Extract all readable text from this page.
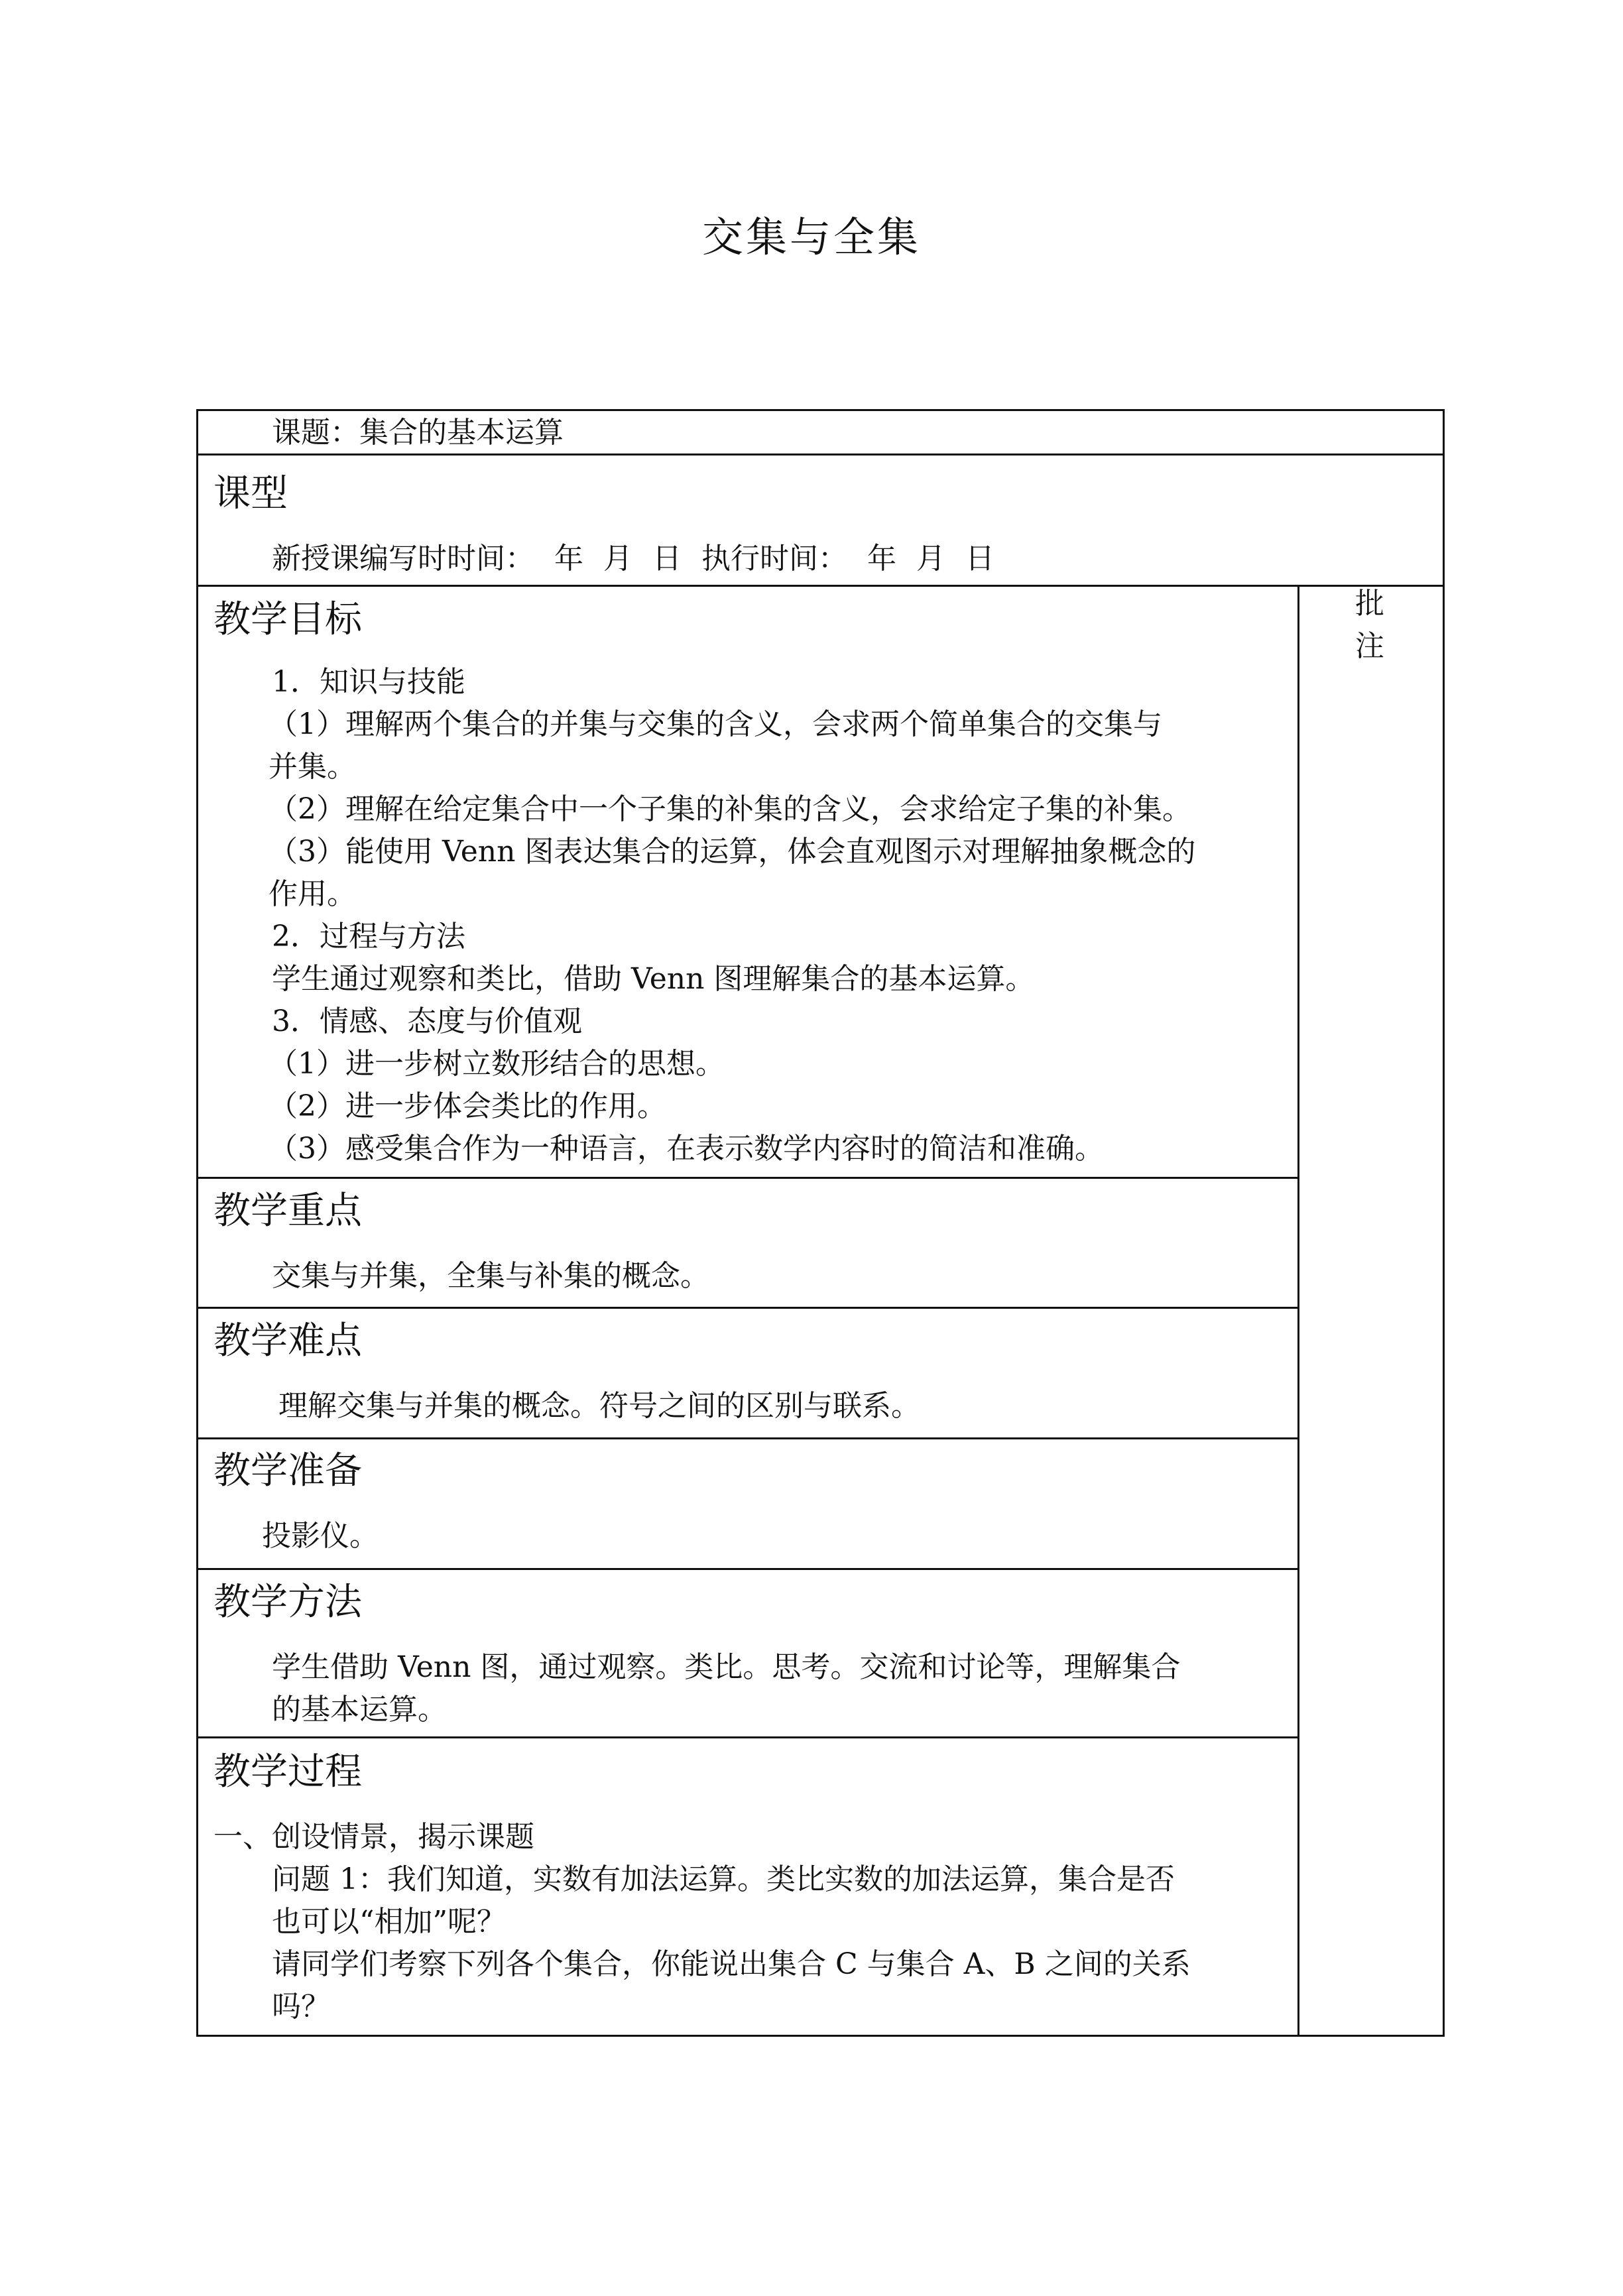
交集与全集
课题：集合的基本运算
课型
新授课编写时时间： 年 月 日 执行时间： 年 月 日
批
注
教学目标
1．知识与技能
（1）理解两个集合的并集与交集的含义，会求两个简单集合的交集与
并集。
（2）理解在给定集合中一个子集的补集的含义，会求给定子集的补集。
（3）能使用 Venn 图表达集合的运算，体会直观图示对理解抽象概念的
作用。
2．过程与方法
学生通过观察和类比，借助 Venn 图理解集合的基本运算。
3．情感、态度与价值观
（1）进一步树立数形结合的思想。
（2）进一步体会类比的作用。
（3）感受集合作为一种语言，在表示数学内容时的简洁和准确。
教学重点
交集与并集，全集与补集的概念。
教学难点
理解交集与并集的概念。符号之间的区别与联系。
教学准备
投影仪。
教学方法
学生借助 Venn 图，通过观察。类比。思考。交流和讨论等，理解集合
的基本运算。
教学过程
一、创设情景，揭示课题
问题 1：我们知道，实数有加法运算。类比实数的加法运算，集合是否
也可以“相加”呢？
请同学们考察下列各个集合，你能说出集合 C 与集合 A、B 之间的关系
吗？
